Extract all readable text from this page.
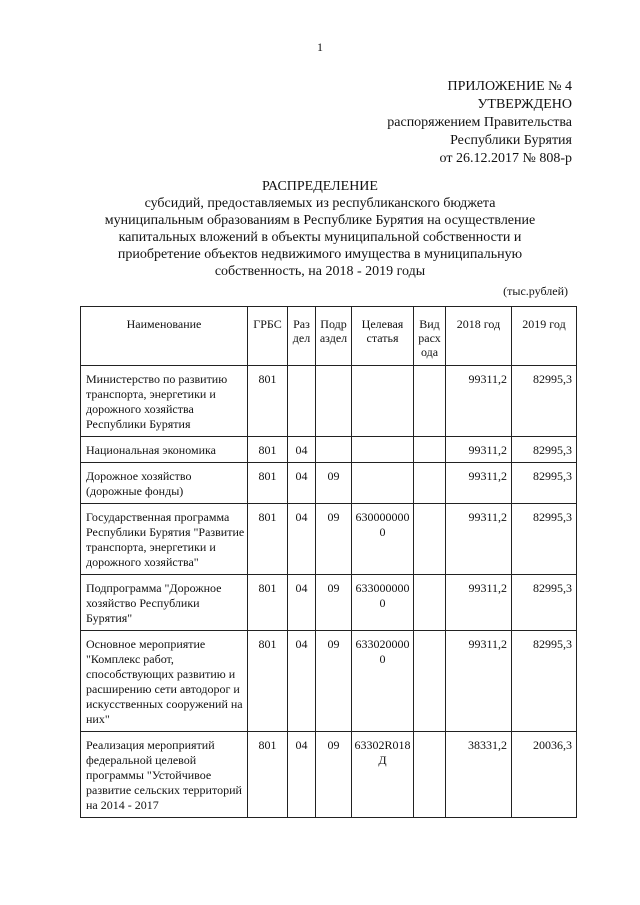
1
ПРИЛОЖЕНИЕ № 4
УТВЕРЖДЕНО
распоряжением Правительства
Республики Бурятия
от 26.12.2017 № 808-р
РАСПРЕДЕЛЕНИЕ
субсидий, предоставляемых из республиканского бюджета
муниципальным образованиям в Республике Бурятия на осуществление
капитальных вложений в объекты муниципальной собственности и
приобретение объектов недвижимого имущества в муниципальную
собственность, на 2018 - 2019 годы
(тыс.рублей)
Наименование	ГРБС	Раз дел	Подр аздел	Целевая статья	Вид расх ода	2018 год	2019 год
Министерство по развитию транспорта, энергетики и дорожного хозяйства Республики Бурятия	801					99311,2	82995,3
Национальная экономика	801	04				99311,2	82995,3
Дорожное хозяйство (дорожные фонды)	801	04	09			99311,2	82995,3
Государственная программа Республики Бурятия "Развитие транспорта, энергетики и дорожного хозяйства"	801	04	09	6300000000		99311,2	82995,3
Подпрограмма "Дорожное хозяйство Республики Бурятия"	801	04	09	6330000000		99311,2	82995,3
Основное мероприятие "Комплекс работ, способствующих развитию и расширению сети автодорог и искусственных сооружений на них"	801	04	09	6330200000		99311,2	82995,3
Реализация мероприятий федеральной целевой программы "Устойчивое развитие сельских территорий на 2014 - 2017	801	04	09	63302R018Д		38331,2	20036,3
